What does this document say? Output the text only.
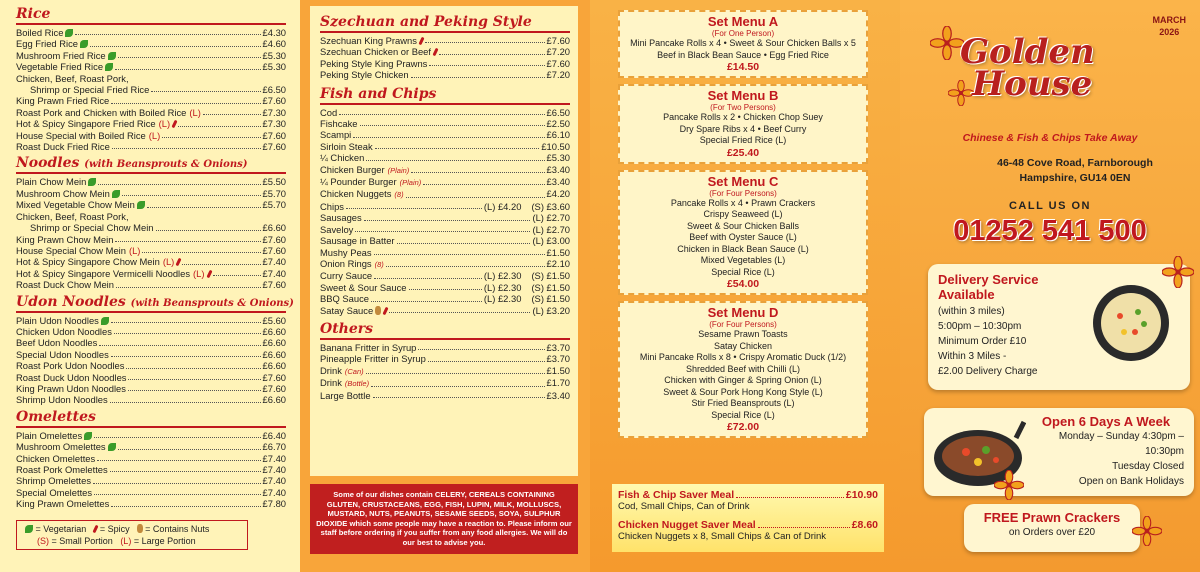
Rice
Boiled Rice	£4.30
Egg Fried Rice	£4.60
Mushroom Fried Rice	£5.30
Vegetable Fried Rice	£5.30
Chicken, Beef, Roast Pork,
Shrimp or Special Fried Rice	£6.50
King Prawn Fried Rice	£7.60
Roast Pork and Chicken with Boiled Rice (L)	£7.30
Hot & Spicy Singapore Fried Rice (L)	£7.30
House Special with Boiled Rice (L)	£7.60
Roast Duck Fried Rice	£7.60
Noodles (with Beansprouts & Onions)
Plain Chow Mein	£5.50
Mushroom Chow Mein	£5.70
Mixed Vegetable Chow Mein	£5.70
Chicken, Beef, Roast Pork,
Shrimp or Special Chow Mein	£6.60
King Prawn Chow Mein	£7.60
House Special Chow Mein (L)	£7.60
Hot & Spicy Singapore Chow Mein (L)	£7.40
Hot & Spicy Singapore Vermicelli Noodles (L)	£7.40
Roast Duck Chow Mein	£7.60
Udon Noodles (with Beansprouts & Onions)
Plain Udon Noodles	£5.60
Chicken Udon Noodles	£6.60
Beef Udon Noodles	£6.60
Special Udon Noodles	£6.60
Roast Pork Udon Noodles	£6.60
Roast Duck Udon Noodles	£7.60
King Prawn Udon Noodles	£7.60
Shrimp Udon Noodles	£6.60
Omelettes
Plain Omelettes	£6.40
Mushroom Omelettes	£6.70
Chicken Omelettes	£7.40
Roast Pork Omelettes	£7.40
Shrimp Omelettes	£7.40
Special Omelettes	£7.40
King Prawn Omelettes	£7.80
= Vegetarian = Spicy = Contains Nuts
(S) = Small Portion (L) = Large Portion
Szechuan and Peking Style
Szechuan King Prawns	£7.60
Szechuan Chicken or Beef	£7.20
Peking Style King Prawns	£7.60
Peking Style Chicken	£7.20
Fish and Chips
Cod	£6.50
Fishcake	£2.50
Scampi	£6.10
Sirloin Steak	£10.50
¼ Chicken	£5.30
Chicken Burger (Plain)	£3.40
¼ Pounder Burger (Plain)	£3.40
Chicken Nuggets (8)	£4.20
Chips	(L) £4.20 (S) £3.60
Sausages	(L) £2.70
Saveloy	(L) £2.70
Sausage in Batter	(L) £3.00
Mushy Peas	£1.50
Onion Rings (8)	£2.10
Curry Sauce	(L) £2.30 (S) £1.50
Sweet & Sour Sauce	(L) £2.30 (S) £1.50
BBQ Sauce	(L) £2.30 (S) £1.50
Satay Sauce	(L) £3.20
Others
Banana Fritter in Syrup	£3.70
Pineapple Fritter in Syrup	£3.70
Drink (Can)	£1.50
Drink (Bottle)	£1.70
Large Bottle	£3.40
Some of our dishes contain CELERY, CEREALS CONTAINING GLUTEN, CRUSTACEANS, EGG, FISH, LUPIN, MILK, MOLLUSCS, MUSTARD, NUTS, PEANUTS, SESAME SEEDS, SOYA, SULPHUR DIOXIDE which some people may have a reaction to. Please inform our staff before ordering if you suffer from any food allergies. We will do our best to advise you.
Set Menu A
(For One Person)
Mini Pancake Rolls x 4 • Sweet & Sour Chicken Balls x 5
Beef in Black Bean Sauce • Egg Fried Rice
£14.50
Set Menu B
(For Two Persons)
Pancake Rolls x 2 • Chicken Chop Suey
Dry Spare Ribs x 4 • Beef Curry
Special Fried Rice (L)
£25.40
Set Menu C
(For Four Persons)
Pancake Rolls x 4 • Prawn Crackers
Crispy Seaweed (L)
Sweet & Sour Chicken Balls
Beef with Oyster Sauce (L)
Chicken in Black Bean Sauce (L)
Mixed Vegetables (L)
Special Rice (L)
£54.00
Set Menu D
(For Four Persons)
Sesame Prawn Toasts
Satay Chicken
Mini Pancake Rolls x 8 • Crispy Aromatic Duck (1/2)
Shredded Beef with Chilli (L)
Chicken with Ginger & Spring Onion (L)
Sweet & Sour Pork Hong Kong Style (L)
Stir Fried Beansprouts (L)
Special Rice (L)
£72.00
Fish & Chip Saver Meal	£10.90
Cod, Small Chips, Can of Drink
Chicken Nugget Saver Meal	£8.60
Chicken Nuggets x 8, Small Chips & Can of Drink
MARCH
2026
Golden
House
Chinese & Fish & Chips Take Away
46-48 Cove Road, Farnborough
Hampshire, GU14 0EN
CALL US ON
01252 541 500
Delivery Service
Available

(within 3 miles)

5:00pm – 10:30pm

Minimum Order £10

Within 3 Miles -

£2.00 Delivery Charge

Open 6 Days A Week

Monday – Sunday 4:30pm – 10:30pm

Tuesday Closed

Open on Bank Holidays

FREE Prawn Crackers

on Orders over £20
